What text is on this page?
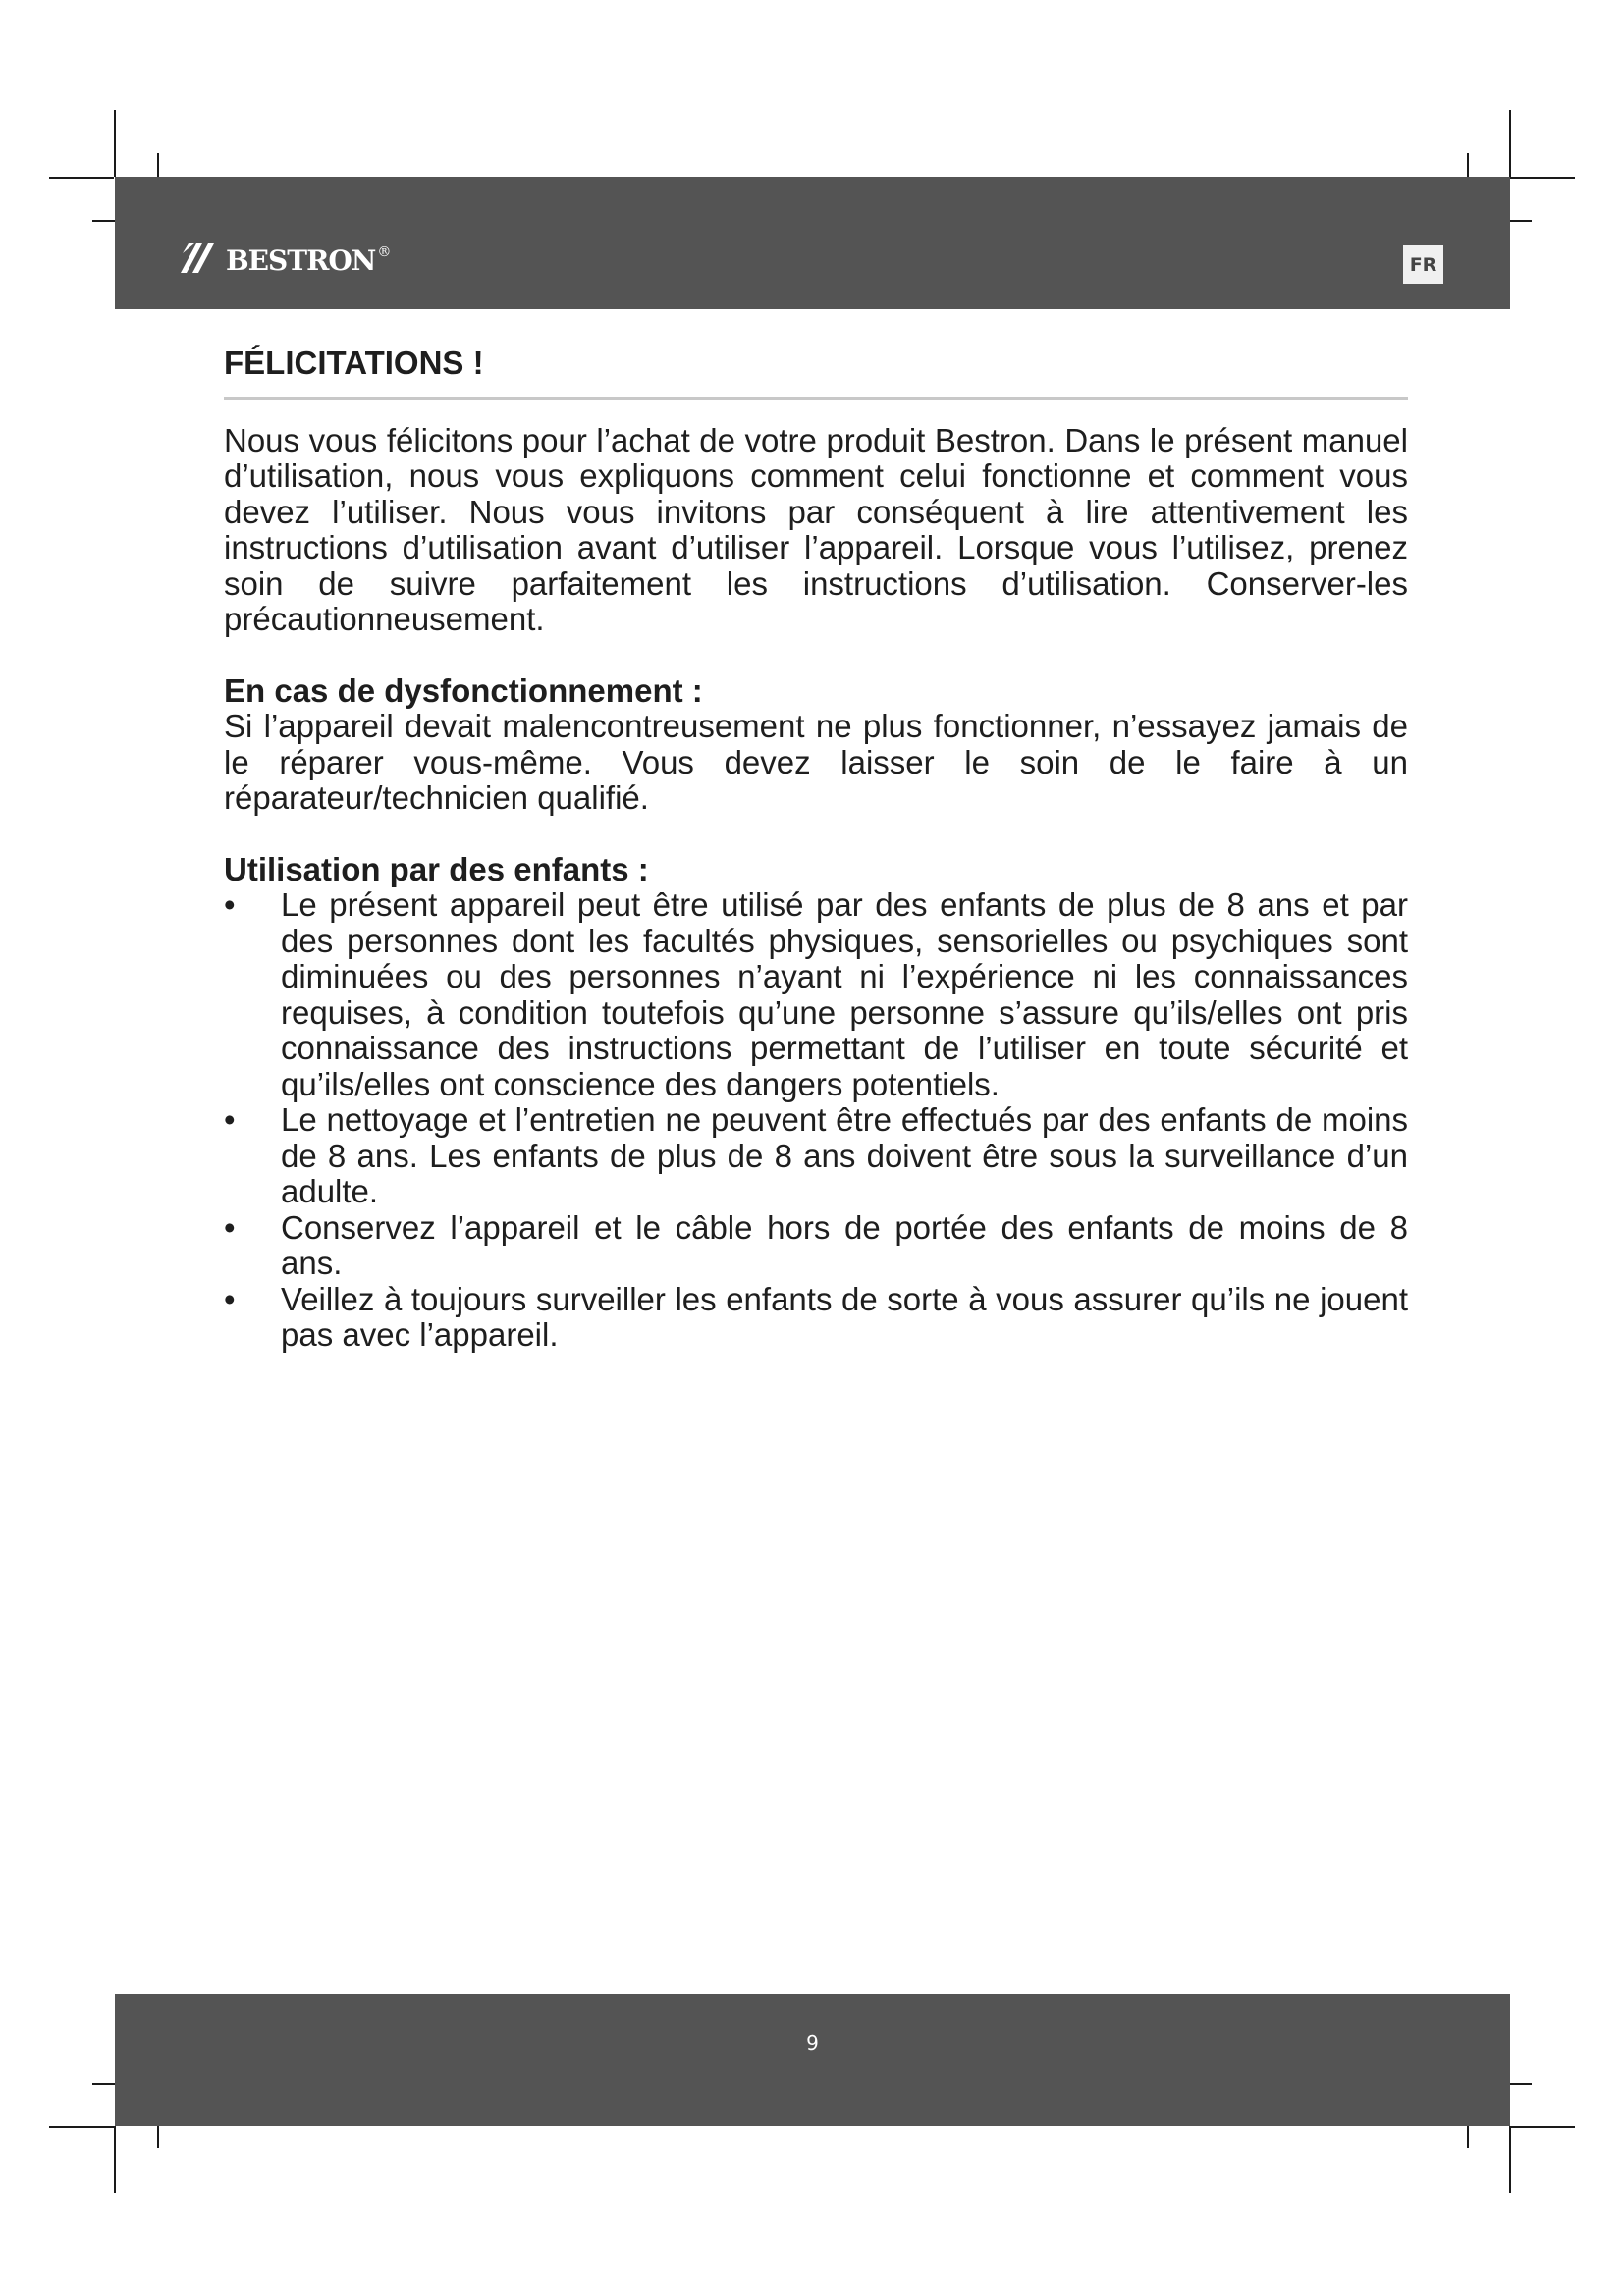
bestron ®
FR
FÉLICITATIONS !

Nous vous félicitons pour l’achat de votre produit Bestron. Dans le présent manuel d’utilisation, nous vous expliquons comment celui fonctionne et comment vous devez l’utiliser. Nous vous invitons par conséquent à lire attentivement les instructions d’utilisation avant d’utiliser l’appareil. Lorsque vous l’utilisez, prenez soin de suivre parfaitement les instructions d’utilisation. Conserver-les précautionneusement.

En cas de dysfonctionnement :

Si l’appareil devait malencontreusement ne plus fonctionner, n’essayez jamais de le réparer vous-même. Vous devez laisser le soin de le faire à un réparateur/technicien qualifié.

Utilisation par des enfants :
•	Le présent appareil peut être utilisé par des enfants de plus de 8 ans et par des personnes dont les facultés physiques, sensorielles ou psychiques sont diminuées ou des personnes n’ayant ni l’expérience ni les connaissances requises, à condition toutefois qu’une personne s’assure qu’ils/elles ont pris connaissance des instructions permettant de l’utiliser en toute sécurité et qu’ils/elles ont conscience des dangers potentiels.
•	Le nettoyage et l’entretien ne peuvent être effectués par des enfants de moins de 8 ans. Les enfants de plus de 8 ans doivent être sous la surveillance d’un adulte.
•	Conservez l’appareil et le câble hors de portée des enfants de moins de 8 ans.
•	Veillez à toujours surveiller les enfants de sorte à vous assurer qu’ils ne jouent pas avec l’appareil.
9
